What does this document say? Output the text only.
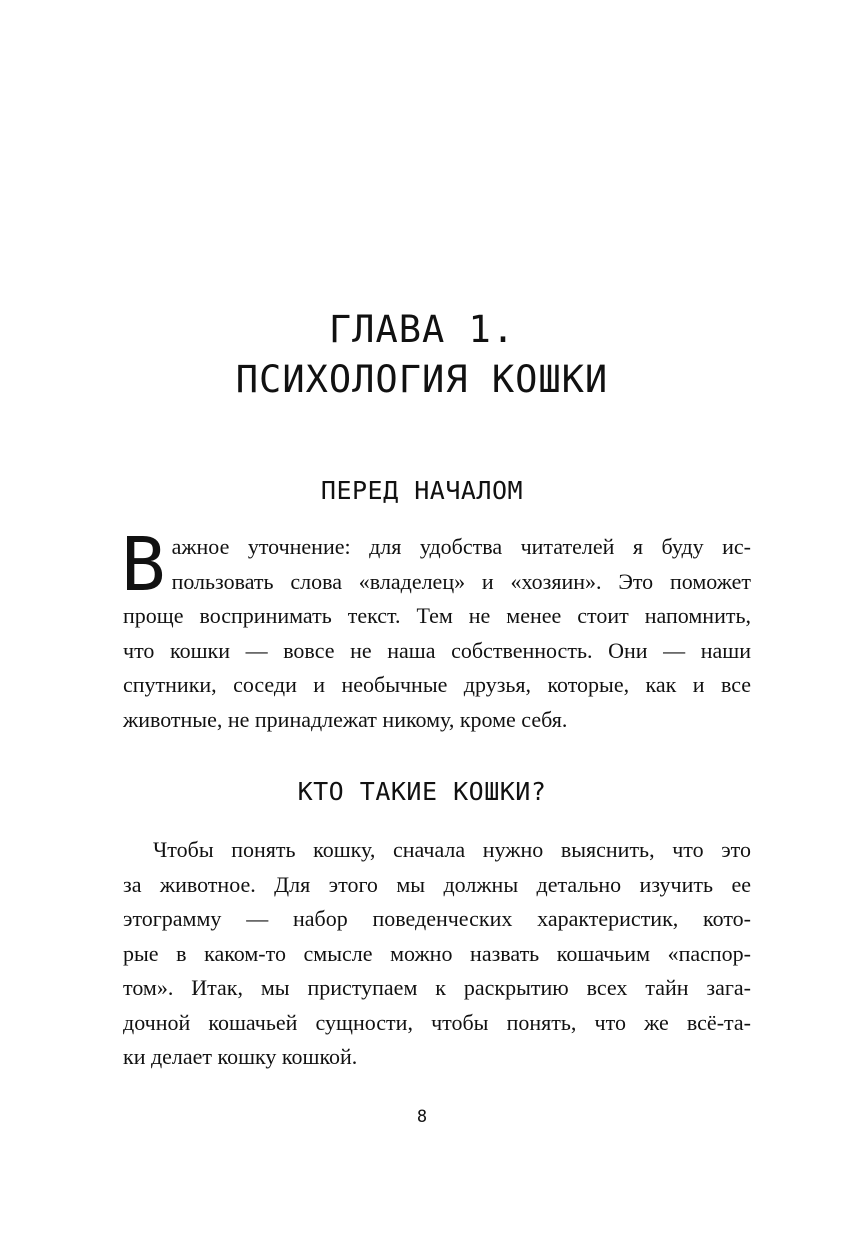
ГЛАВА 1.
ПСИХОЛОГИЯ КОШКИ
ПЕРЕД НАЧАЛОМ
В ажное уточнение: для удобства читателей я буду ис-
пользовать слова «владелец» и «хозяин». Это поможет
проще воспринимать текст. Тем не менее стоит напомнить,
что кошки — вовсе не наша собственность. Они — наши
спутники, соседи и необычные друзья, которые, как и все
животные, не принадлежат никому, кроме себя.
КТО ТАКИЕ КОШКИ?
Чтобы понять кошку, сначала нужно выяснить, что это
за животное. Для этого мы должны детально изучить ее
этограмму — набор поведенческих характеристик, кото-
рые в каком-то смысле можно назвать кошачьим «паспор-
том». Итак, мы приступаем к раскрытию всех тайн зага-
дочной кошачьей сущности, чтобы понять, что же всё-та-
ки делает кошку кошкой.
8
